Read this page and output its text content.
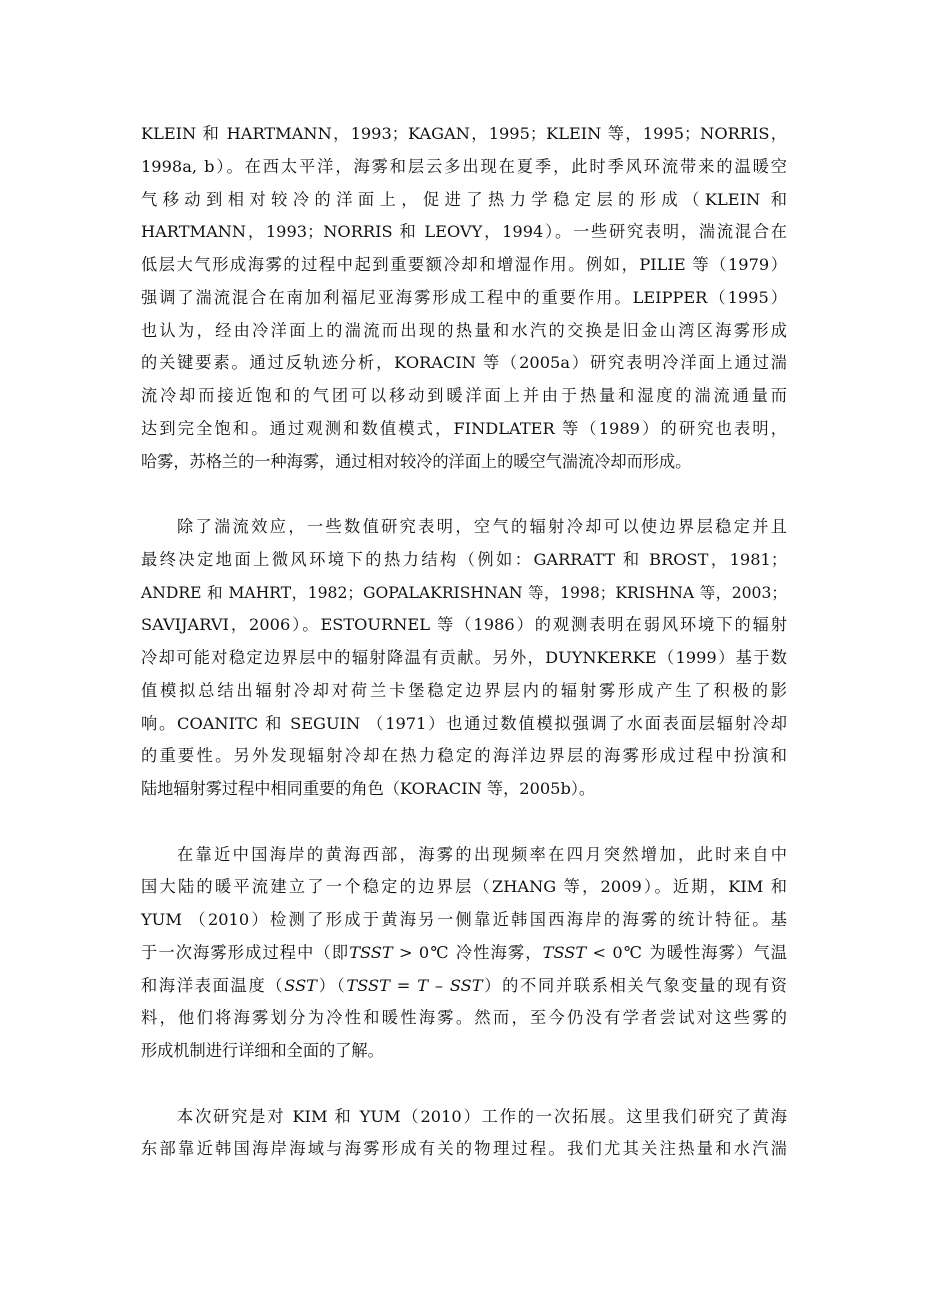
KLEIN 和 HARTMANN，1993；KAGAN，1995；KLEIN 等，1995；NORRIS，
1998a, b）。在西太平洋，海雾和层云多出现在夏季，此时季风环流带来的温暖空
气移动到相对较冷的洋面上，促进了热力学稳定层的形成（KLEIN 和
HARTMANN，1993；NORRIS 和 LEOVY，1994）。一些研究表明，湍流混合在
低层大气形成海雾的过程中起到重要额冷却和增湿作用。例如，PILIE 等（1979）
强调了湍流混合在南加利福尼亚海雾形成工程中的重要作用。LEIPPER（1995）
也认为，经由冷洋面上的湍流而出现的热量和水汽的交换是旧金山湾区海雾形成
的关键要素。通过反轨迹分析，KORACIN 等（2005a）研究表明冷洋面上通过湍
流冷却而接近饱和的气团可以移动到暖洋面上并由于热量和湿度的湍流通量而
达到完全饱和。通过观测和数值模式，FINDLATER 等（1989）的研究也表明，
哈雾，苏格兰的一种海雾，通过相对较冷的洋面上的暖空气湍流冷却而形成。
除了湍流效应，一些数值研究表明，空气的辐射冷却可以使边界层稳定并且
最终决定地面上微风环境下的热力结构（例如：GARRATT 和 BROST，1981；
ANDRE 和 MAHRT，1982；GOPALAKRISHNAN 等，1998；KRISHNA 等，2003；
SAVIJARVI，2006）。ESTOURNEL 等（1986）的观测表明在弱风环境下的辐射
冷却可能对稳定边界层中的辐射降温有贡献。另外，DUYNKERKE（1999）基于数
值模拟总结出辐射冷却对荷兰卡堡稳定边界层内的辐射雾形成产生了积极的影
响。COANITC 和 SEGUIN （1971）也通过数值模拟强调了水面表面层辐射冷却
的重要性。另外发现辐射冷却在热力稳定的海洋边界层的海雾形成过程中扮演和
陆地辐射雾过程中相同重要的角色（KORACIN 等，2005b）。
在靠近中国海岸的黄海西部，海雾的出现频率在四月突然增加，此时来自中
国大陆的暖平流建立了一个稳定的边界层（ZHANG 等，2009）。近期，KIM 和
YUM （2010）检测了形成于黄海另一侧靠近韩国西海岸的海雾的统计特征。基
于一次海雾形成过程中（即TSST > 0℃ 冷性海雾，TSST < 0℃ 为暖性海雾）气温
和海洋表面温度（SST）（TSST = T – SST）的不同并联系相关气象变量的现有资
料，他们将海雾划分为冷性和暖性海雾。然而，至今仍没有学者尝试对这些雾的
形成机制进行详细和全面的了解。
本次研究是对 KIM 和 YUM（2010）工作的一次拓展。这里我们研究了黄海
东部靠近韩国海岸海域与海雾形成有关的物理过程。我们尤其关注热量和水汽湍
